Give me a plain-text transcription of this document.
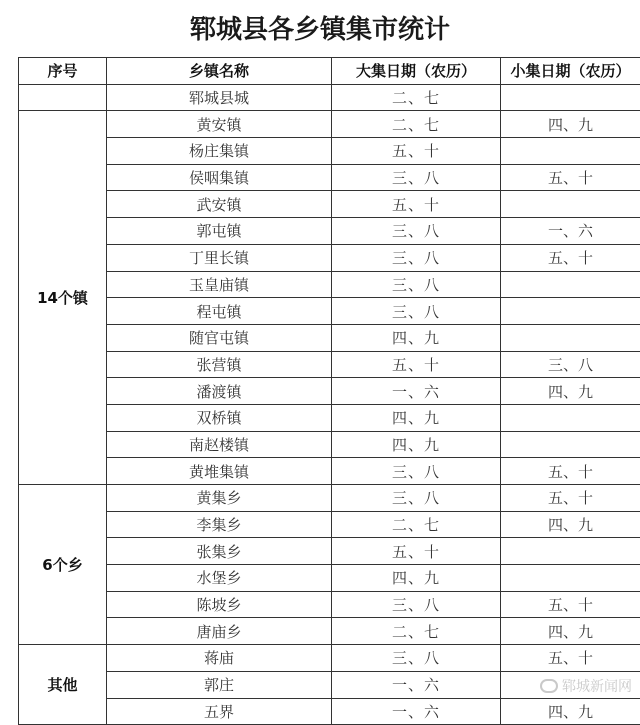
郓城县各乡镇集市统计
序号	乡镇名称	大集日期（农历）	小集日期（农历）
	郓城县城	二、七	
14个镇	黄安镇	二、七	四、九
	杨庄集镇	五、十	
	侯咽集镇	三、八	五、十
	武安镇	五、十	
	郭屯镇	三、八	一、六
	丁里长镇	三、八	五、十
	玉皇庙镇	三、八	
	程屯镇	三、八	
	随官屯镇	四、九	
	张营镇	五、十	三、八
	潘渡镇	一、六	四、九
	双桥镇	四、九	
	南赵楼镇	四、九	
	黄堆集镇	三、八	五、十
6个乡	黄集乡	三、八	五、十
	李集乡	二、七	四、九
	张集乡	五、十	
	水堡乡	四、九	
	陈坡乡	三、八	五、十
	唐庙乡	二、七	四、九
其他	蒋庙	三、八	五、十
	郭庄	一、六	
	五界	一、六	四、九
郓城新闻网
